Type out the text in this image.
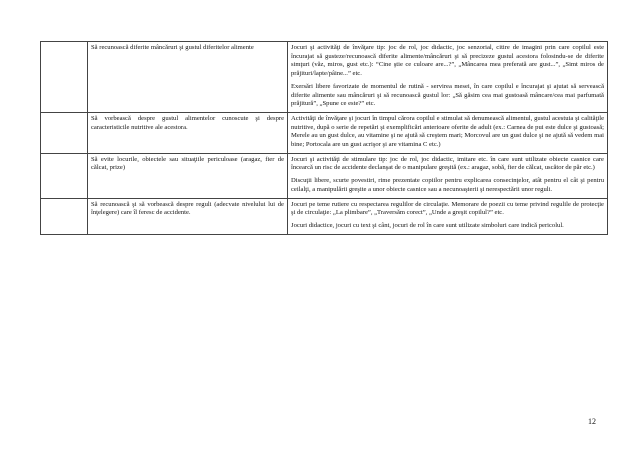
	Să recunoască diferite mâncăruri şi gustul diferitelor alimente	Jocuri şi activităţi de învăţare tip: joc de rol, joc didactic, joc senzorial, citire de imagini prin care copilul este încurajat să gusteze/recunoască diferite alimente/mâncăruri şi să precizeze gustul acestora folosindu-se de diferite simţuri (văz, miros, gust etc.): “Cine ştie ce culoare are...?”, „Mâncarea mea preferată are gust...”, „Simt miros de prăjituri/lapte/pâine...” etc.

Exersări libere favorizate de momentul de rutină - servirea mesei, în care copilul e încurajat şi ajutat să servească diferite alimente sau mâncăruri şi să recunoască gustul lor: „Să găsim cea mai gustoasă mâncare/cea mai parfumată prăjitură”, „Spune ce este?” etc.

	Să vorbească despre gustul alimentelor cunoscute şi despre caracteristicile nutritive ale acestora.	Activităţi de învăţare şi jocuri în timpul cărora copilul e stimulat să denumească alimentul, gustul acestuia şi calităţile nutritive, după o serie de repetări şi exemplificări anterioare oferite de adult (ex.: Carnea de pui este dulce şi gustoasă; Merele au un gust dulce, au vitamine şi ne ajută să creştem mari; Morcovul are un gust dulce şi ne ajută să vedem mai bine; Portocala are un gust acrişor şi are vitamina C etc.)

	Să evite locurile, obiectele sau situaţiile periculoase (aragaz, fier de călcat, prize)	Jocuri şi activităţi de stimulare tip: joc de rol, joc didactic, imitare etc. în care sunt utilizate obiecte casnice care încearcă un risc de accidente declanşat de o manipulare greşită (ex.: aragaz, sobă, fier de călcat, uscător de păr etc.)

Discuţii libere, scurte povestiri, rime prezentate copiilor pentru explicarea consecinţelor, atât pentru el cât şi pentru ceilalţi, a manipulării greşite a unor obiecte casnice sau a necunoaşterii şi nerespectării unor reguli.

	Să recunoască şi să vorbească despre reguli (adecvate nivelului lui de înţelegere) care îl feresc de accidente.	Jocuri pe teme rutiere cu respectarea regulilor de circulaţie. Memorare de poezii cu teme privind regulile de protecţie şi de circulaţie: „La plimbare”, „Traversăm corect”, „Unde a greşit copilul?” etc.

Jocuri didactice, jocuri cu text şi cânt, jocuri de rol în care sunt utilizate simboluri care indică pericolul.

12
